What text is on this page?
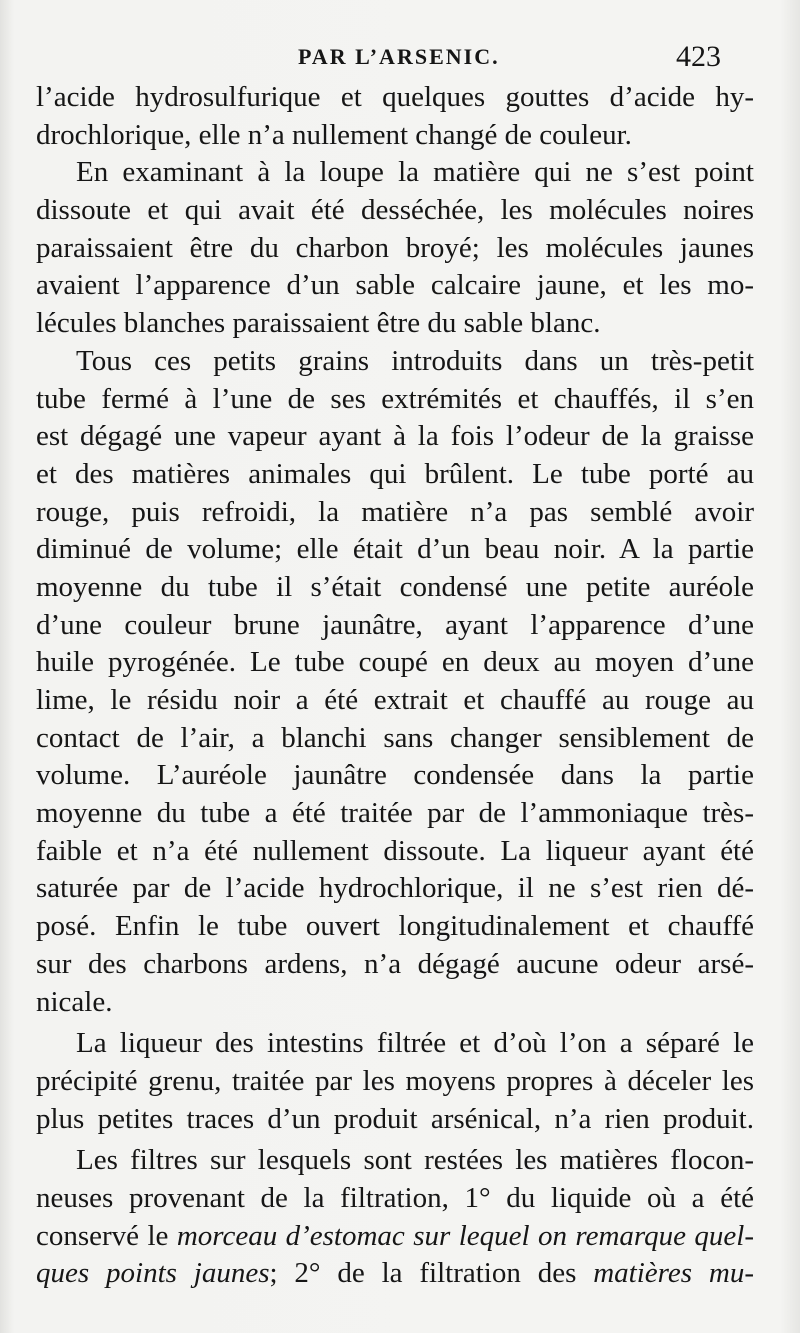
PAR L’ARSENIC.	423
l’acide hydrosulfurique et quelques gouttes d’acide hy-
drochlorique, elle n’a nullement changé de couleur.
En examinant à la loupe la matière qui ne s’est point
dissoute et qui avait été desséchée, les molécules noires
paraissaient être du charbon broyé; les molécules jaunes
avaient l’apparence d’un sable calcaire jaune, et les mo-
lécules blanches paraissaient être du sable blanc.
Tous ces petits grains introduits dans un très-petit
tube fermé à l’une de ses extrémités et chauffés, il s’en
est dégagé une vapeur ayant à la fois l’odeur de la graisse
et des matières animales qui brûlent. Le tube porté au
rouge, puis refroidi, la matière n’a pas semblé avoir
diminué de volume; elle était d’un beau noir. A la partie
moyenne du tube il s’était condensé une petite auréole
d’une couleur brune jaunâtre, ayant l’apparence d’une
huile pyrogénée. Le tube coupé en deux au moyen d’une
lime, le résidu noir a été extrait et chauffé au rouge au
contact de l’air, a blanchi sans changer sensiblement de
volume. L’auréole jaunâtre condensée dans la partie
moyenne du tube a été traitée par de l’ammoniaque très-
faible et n’a été nullement dissoute. La liqueur ayant été
saturée par de l’acide hydrochlorique, il ne s’est rien dé-
posé. Enfin le tube ouvert longitudinalement et chauffé
sur des charbons ardens, n’a dégagé aucune odeur arsé-
nicale.
La liqueur des intestins filtrée et d’où l’on a séparé le
précipité grenu, traitée par les moyens propres à déceler les
plus petites traces d’un produit arsénical, n’a rien produit.
Les filtres sur lesquels sont restées les matières flocon-
neuses provenant de la filtration, 1° du liquide où a été
conservé le morceau d’estomac sur lequel on remarque quel-
ques points jaunes; 2° de la filtration des matières mu-
